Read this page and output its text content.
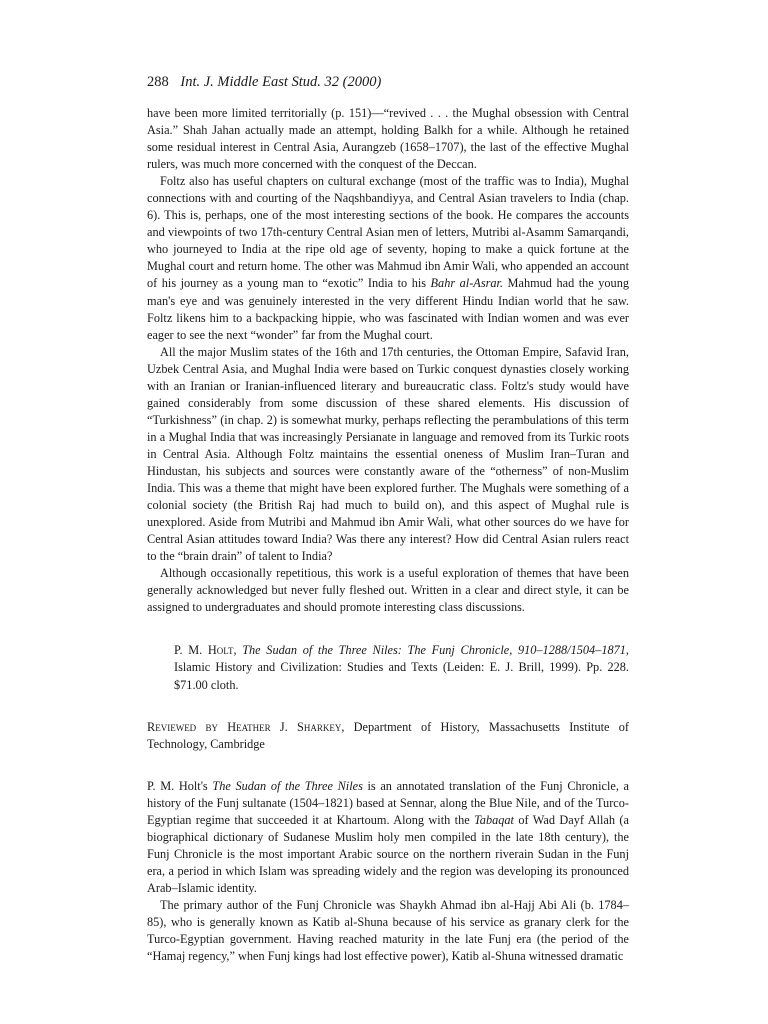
288 Int. J. Middle East Stud. 32 (2000)

have been more limited territorially (p. 151)—“revived . . . the Mughal obsession with Central Asia.” Shah Jahan actually made an attempt, holding Balkh for a while. Although he retained some residual interest in Central Asia, Aurangzeb (1658–1707), the last of the effective Mughal rulers, was much more concerned with the conquest of the Deccan.

Foltz also has useful chapters on cultural exchange (most of the traffic was to India), Mughal connections with and courting of the Naqshbandiyya, and Central Asian travelers to India (chap. 6). This is, perhaps, one of the most interesting sections of the book. He compares the accounts and viewpoints of two 17th-century Central Asian men of letters, Mutribi al-Asamm Samarqandi, who journeyed to India at the ripe old age of seventy, hoping to make a quick fortune at the Mughal court and return home. The other was Mahmud ibn Amir Wali, who appended an account of his journey as a young man to “exotic” India to his Bahr al-Asrar. Mahmud had the young man's eye and was genuinely interested in the very different Hindu Indian world that he saw. Foltz likens him to a backpacking hippie, who was fascinated with Indian women and was ever eager to see the next “wonder” far from the Mughal court.

All the major Muslim states of the 16th and 17th centuries, the Ottoman Empire, Safavid Iran, Uzbek Central Asia, and Mughal India were based on Turkic conquest dynasties closely working with an Iranian or Iranian-influenced literary and bureaucratic class. Foltz's study would have gained considerably from some discussion of these shared elements. His discussion of “Turkishness” (in chap. 2) is somewhat murky, perhaps reflecting the perambulations of this term in a Mughal India that was increasingly Persianate in language and removed from its Turkic roots in Central Asia. Although Foltz maintains the essential oneness of Muslim Iran–Turan and Hindustan, his subjects and sources were constantly aware of the “otherness” of non-Muslim India. This was a theme that might have been explored further. The Mughals were something of a colonial society (the British Raj had much to build on), and this aspect of Mughal rule is unexplored. Aside from Mutribi and Mahmud ibn Amir Wali, what other sources do we have for Central Asian attitudes toward India? Was there any interest? How did Central Asian rulers react to the “brain drain” of talent to India?

Although occasionally repetitious, this work is a useful exploration of themes that have been generally acknowledged but never fully fleshed out. Written in a clear and direct style, it can be assigned to undergraduates and should promote interesting class discussions.

P. M. Holt, The Sudan of the Three Niles: The Funj Chronicle, 910–1288/1504–1871, Islamic History and Civilization: Studies and Texts (Leiden: E. J. Brill, 1999). Pp. 228. $71.00 cloth.

Reviewed by Heather J. Sharkey, Department of History, Massachusetts Institute of Technology, Cambridge

P. M. Holt's The Sudan of the Three Niles is an annotated translation of the Funj Chronicle, a history of the Funj sultanate (1504–1821) based at Sennar, along the Blue Nile, and of the Turco-Egyptian regime that succeeded it at Khartoum. Along with the Tabaqat of Wad Dayf Allah (a biographical dictionary of Sudanese Muslim holy men compiled in the late 18th century), the Funj Chronicle is the most important Arabic source on the northern riverain Sudan in the Funj era, a period in which Islam was spreading widely and the region was developing its pronounced Arab–Islamic identity.

The primary author of the Funj Chronicle was Shaykh Ahmad ibn al-Hajj Abi Ali (b. 1784–85), who is generally known as Katib al-Shuna because of his service as granary clerk for the Turco-Egyptian government. Having reached maturity in the late Funj era (the period of the “Hamaj regency,” when Funj kings had lost effective power), Katib al-Shuna witnessed dramatic
